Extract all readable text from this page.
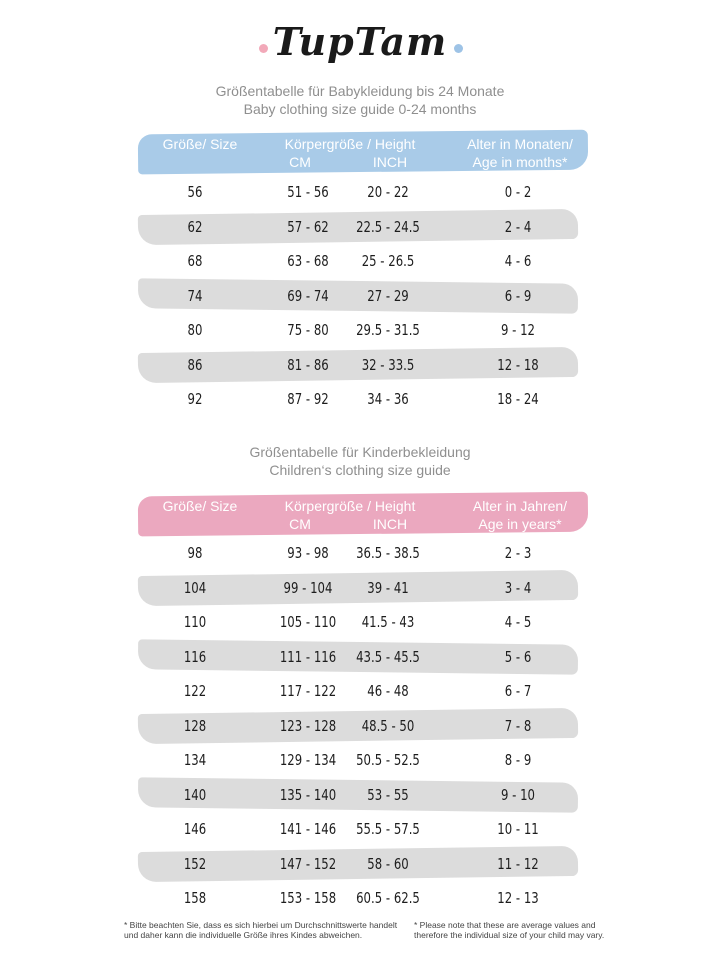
TupTam
Größentabelle für Babykleidung bis 24 Monate
Baby clothing size guide 0-24 months
Größe/ Size	Körpergröße / Height
CM	INCH
Alter in Monaten/
Age in months*
56	51 - 56	20 - 22	0 - 2
62	57 - 62	22.5 - 24.5	2 - 4
68	63 - 68	25 - 26.5	4 - 6
74	69 - 74	27 - 29	6 - 9
80	75 - 80	29.5 - 31.5	9 - 12
86	81 - 86	32 - 33.5	12 - 18
92	87 - 92	34 - 36	18 - 24
Größentabelle für Kinderbekleidung
Children‘s clothing size guide
Größe/ Size	Körpergröße / Height
CM	INCH
Alter in Jahren/
Age in years*
98	93 - 98	36.5 - 38.5	2 - 3
104	99 - 104	39 - 41	3 - 4
110	105 - 110	41.5 - 43	4 - 5
116	111 - 116	43.5 - 45.5	5 - 6
122	117 - 122	46 - 48	6 - 7
128	123 - 128	48.5 - 50	7 - 8
134	129 - 134	50.5 - 52.5	8 - 9
140	135 - 140	53 - 55	9 - 10
146	141 - 146	55.5 - 57.5	10 - 11
152	147 - 152	58 - 60	11 - 12
158	153 - 158	60.5 - 62.5	12 - 13
* Bitte beachten Sie, dass es sich hierbei um Durchschnittswerte handelt
und daher kann die individuelle Größe ihres Kindes abweichen.
* Please note that these are average values and
therefore the individual size of your child may vary.
